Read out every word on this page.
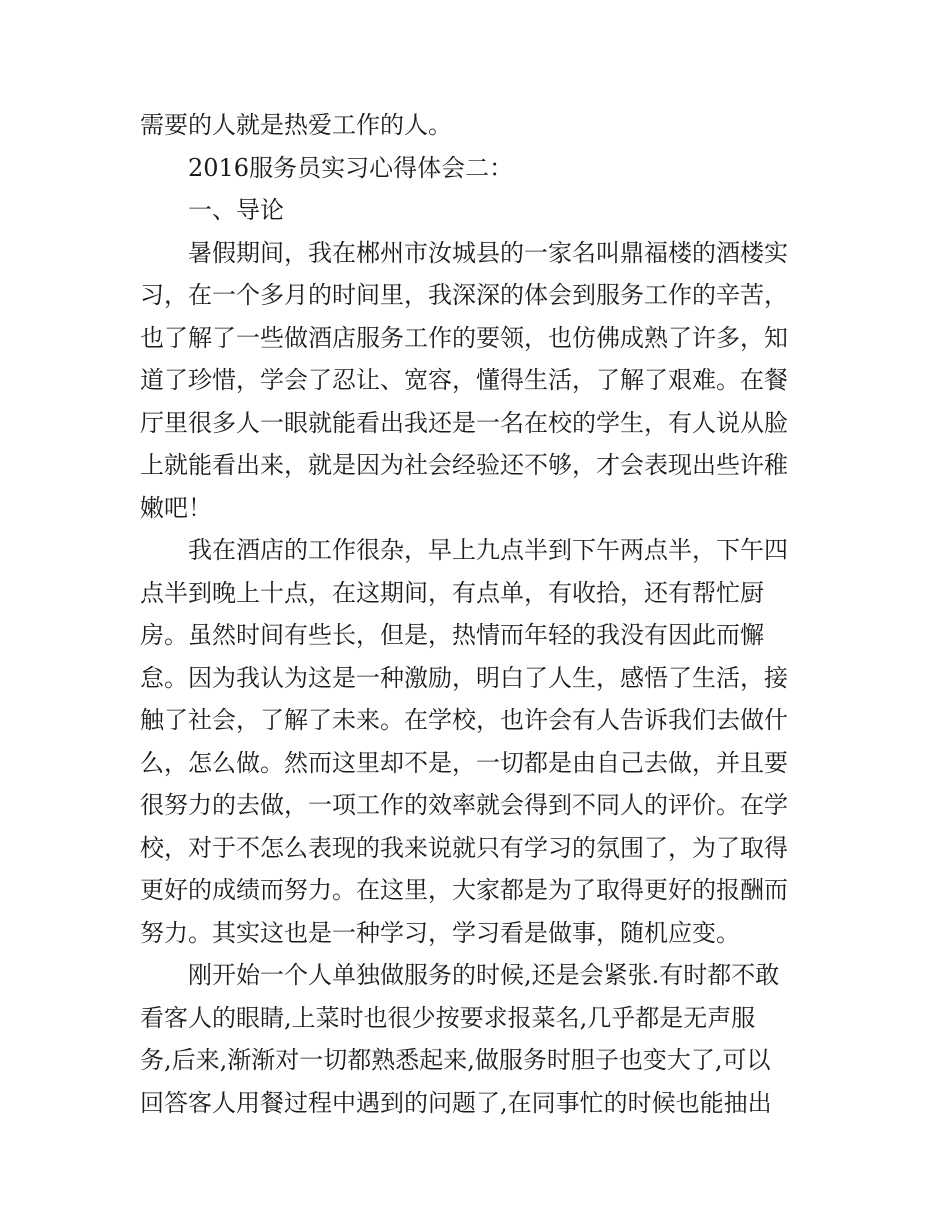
需要的人就是热爱工作的人。
2016服务员实习心得体会二：
一、导论
暑假期间，我在郴州市汝城县的一家名叫鼎福楼的酒楼实
习，在一个多月的时间里，我深深的体会到服务工作的辛苦，
也了解了一些做酒店服务工作的要领，也仿佛成熟了许多，知
道了珍惜，学会了忍让、宽容，懂得生活，了解了艰难。在餐
厅里很多人一眼就能看出我还是一名在校的学生，有人说从脸
上就能看出来，就是因为社会经验还不够，才会表现出些许稚
嫩吧！
我在酒店的工作很杂，早上九点半到下午两点半，下午四
点半到晚上十点，在这期间，有点单，有收拾，还有帮忙厨
房。虽然时间有些长，但是，热情而年轻的我没有因此而懈
怠。因为我认为这是一种激励，明白了人生，感悟了生活，接
触了社会，了解了未来。在学校，也许会有人告诉我们去做什
么，怎么做。然而这里却不是，一切都是由自己去做，并且要
很努力的去做，一项工作的效率就会得到不同人的评价。在学
校，对于不怎么表现的我来说就只有学习的氛围了，为了取得
更好的成绩而努力。在这里，大家都是为了取得更好的报酬而
努力。其实这也是一种学习，学习看是做事，随机应变。
刚开始一个人单独做服务的时候,还是会紧张.有时都不敢
看客人的眼睛,上菜时也很少按要求报菜名,几乎都是无声服
务,后来,渐渐对一切都熟悉起来,做服务时胆子也变大了,可以
回答客人用餐过程中遇到的问题了,在同事忙的时候也能抽出
